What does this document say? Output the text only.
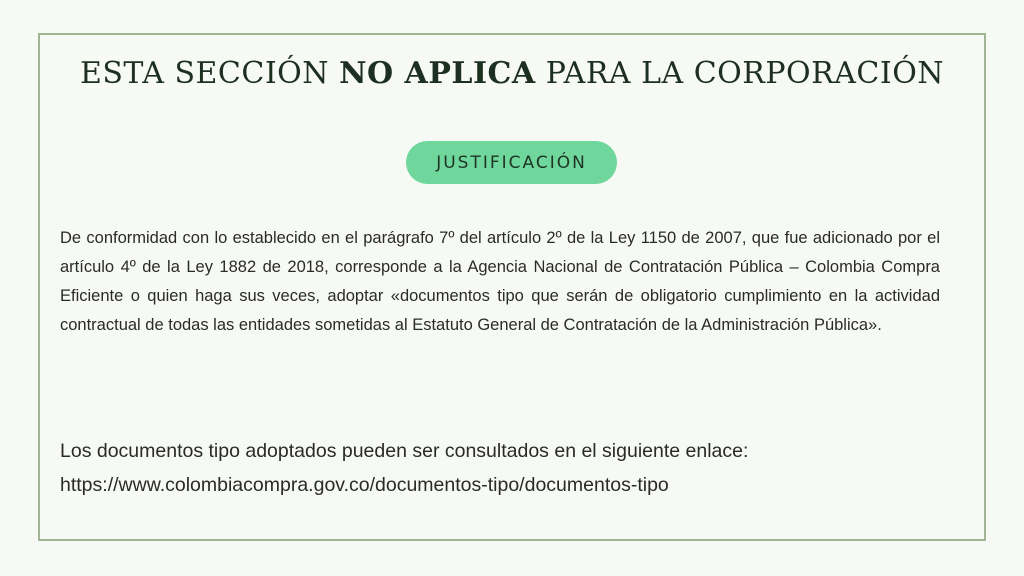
ESTA SECCIÓN NO APLICA PARA LA CORPORACIÓN
JUSTIFICACIÓN
De conformidad con lo establecido en el parágrafo 7º del artículo 2º de la Ley 1150 de 2007, que fue adicionado por el artículo 4º de la Ley 1882 de 2018, corresponde a la Agencia Nacional de Contratación Pública – Colombia Compra Eficiente o quien haga sus veces, adoptar «documentos tipo que serán de obligatorio cumplimiento en la actividad contractual de todas las entidades sometidas al Estatuto General de Contratación de la Administración Pública».
Los documentos tipo adoptados pueden ser consultados en el siguiente enlace:
https://www.colombiacompra.gov.co/documentos-tipo/documentos-tipo
